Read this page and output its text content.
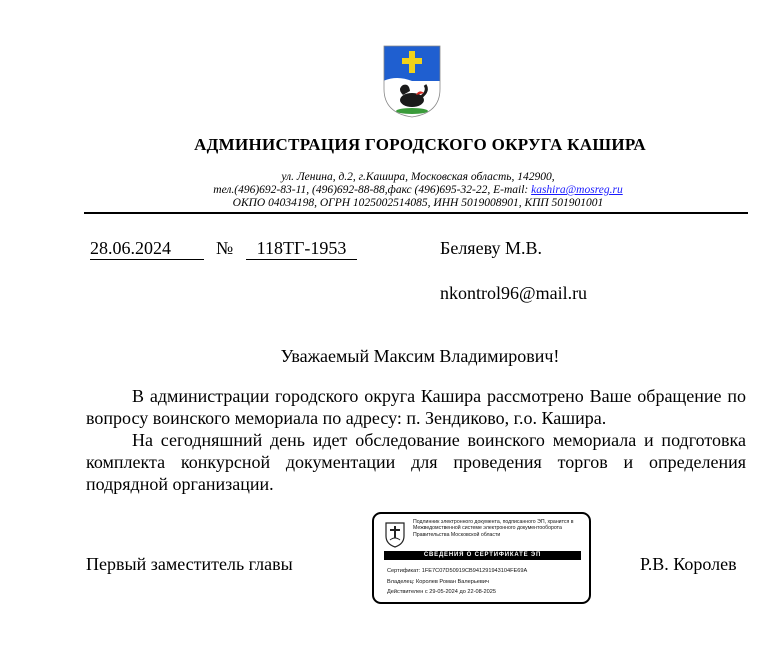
АДМИНИСТРАЦИЯ ГОРОДСКОГО ОКРУГА КАШИРА
ул. Ленина, д.2, г.Кашира, Московская область, 142900,
тел.(496)692-83-11, (496)692-88-88,факс (496)695-32-22, E-mail: kashira@mosreg.ru
ОКПО 04034198, ОГРН 1025002514085, ИНН 5019008901, КПП 501901001
28.06.2024	№	118ТГ-1953	Беляеву М.В.
nkontrol96@mail.ru
Уважаемый Максим Владимирович!
В администрации городского округа Кашира рассмотрено Ваше обращение по вопросу воинского мемориала по адресу: п. Зендиково, г.о. Кашира.
На сегодняшний день идет обследование воинского мемориала и подготовка комплекта конкурсной документации для проведения торгов и определения подрядной организации.
Первый заместитель главы	Р.В. Королев
Подлинник электронного документа, подписанного ЭП, хранится в Межведомственной системе электронного документооборота Правительства Московской области
СВЕДЕНИЯ О СЕРТИФИКАТЕ ЭП
Сертификат: 1FE7C07D50919CB941291943104FE69A
Владелец: Королев Роман Валерьевич
Действителен с 29-05-2024 до 22-08-2025
